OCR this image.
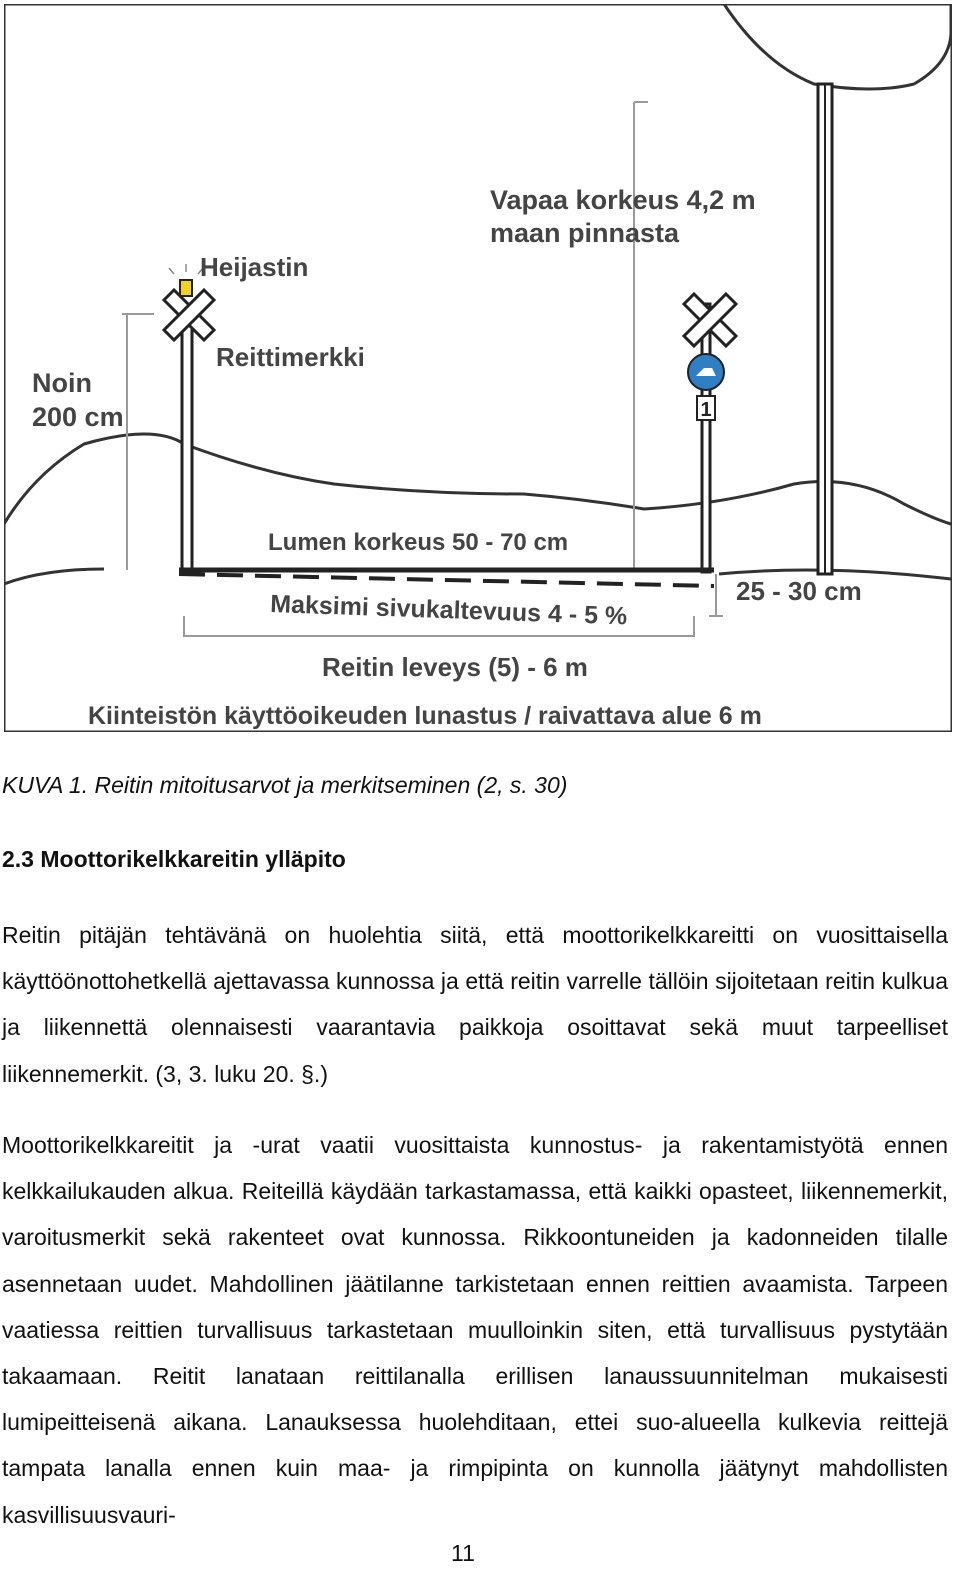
1
Vapaa korkeus 4,2 m
maan pinnasta
Heijastin
Reittimerkki
Noin
200 cm
Lumen korkeus 50 - 70 cm
Maksimi sivukaltevuus 4 - 5 %	25 - 30 cm
Reitin leveys (5) - 6 m
Kiinteistön käyttöoikeuden lunastus / raivattava alue 6 m
KUVA 1. Reitin mitoitusarvot ja merkitseminen (2, s. 30)
2.3 Moottorikelkkareitin ylläpito

Reitin pitäjän tehtävänä on huolehtia siitä, että moottorikelkkareitti on vuosittaisella käyttöönottohetkellä ajettavassa kunnossa ja että reitin varrelle tällöin sijoitetaan reitin kulkua ja liikennettä olennaisesti vaarantavia paikkoja osoittavat sekä muut tarpeelliset liikennemerkit. (3, 3. luku 20. §.)

Moottorikelkkareitit ja -urat vaatii vuosittaista kunnostus- ja rakentamistyötä ennen kelkkailukauden alkua. Reiteillä käydään tarkastamassa, että kaikki opasteet, liikennemerkit, varoitusmerkit sekä rakenteet ovat kunnossa. Rikkoontuneiden ja kadonneiden tilalle asennetaan uudet. Mahdollinen jäätilanne tarkistetaan ennen reittien avaamista. Tarpeen vaatiessa reittien turvallisuus tarkastetaan muulloinkin siten, että turvallisuus pystytään takaamaan. Reitit lanataan reittilanalla erillisen lanaussuunnitelman mukaisesti lumipeitteisenä aikana. Lanauksessa huolehditaan, ettei suo-alueella kulkevia reittejä tampata lanalla ennen kuin maa- ja rimpipinta on kunnolla jäätynyt mahdollisten kasvillisuusvauri-

11
